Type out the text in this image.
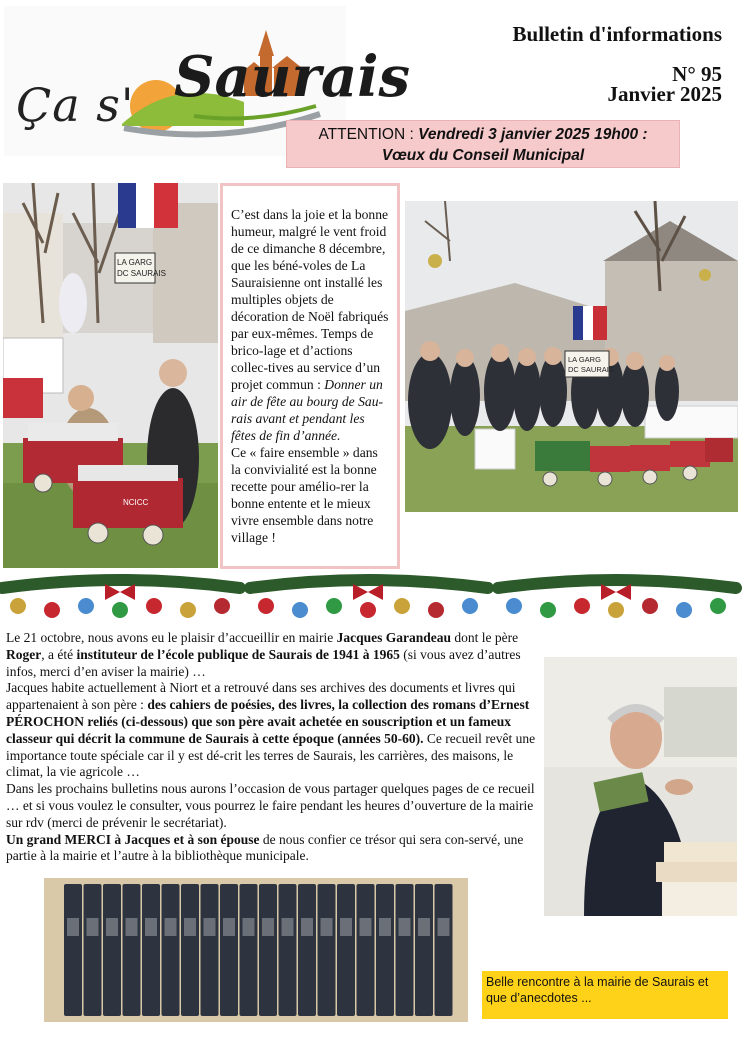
Ça s' Saurais
Bulletin d'informations
N° 95
Janvier 2025
ATTENTION : Vendredi 3 janvier 2025 19h00 :
Vœux du Conseil Municipal
LA GARG
DC SAURAIS
NCICC

C’est dans la joie et la bonne humeur, malgré le vent froid de ce dimanche 8 décembre, que les béné-voles de La Sauraisienne ont installé les multiples objets de décoration de Noël fabriqués par eux-mêmes. Temps de brico-lage et d’actions collec-tives au service d’un projet commun : Donner un air de fête au bourg de Sau-rais avant et pendant les fêtes de fin d’année.

Ce « faire ensemble » dans la convivialité est la bonne recette pour amélio-rer la bonne entente et le mieux vivre ensemble dans notre village !

LA GARG
DC SAURAIS

Le 21 octobre, nous avons eu le plaisir d’accueillir en mairie Jacques Garandeau dont le père Roger, a été instituteur de l’école publique de Saurais de 1941 à 1965 (si vous avez d’autres infos, merci d’en aviser la mairie) …

Jacques habite actuellement à Niort et a retrouvé dans ses archives des documents et livres qui appartenaient à son père : des cahiers de poésies, des livres, la collection des romans d’Ernest PÉROCHON reliés (ci-dessous) que son père avait achetée en souscription et un fameux classeur qui décrit la commune de Saurais à cette époque (années 50-60). Ce recueil revêt une importance toute spéciale car il y est dé-crit les terres de Saurais, les carrières, des maisons, le climat, la vie agricole …

Dans les prochains bulletins nous aurons l’occasion de vous partager quelques pages de ce recueil … et si vous voulez le consulter, vous pourrez le faire pendant les heures d’ouverture de la mairie sur rdv (merci de prévenir le secrétariat).

Un grand MERCI à Jacques et à son épouse de nous confier ce trésor qui sera con-servé, une partie à la mairie et l’autre à la bibliothèque municipale.

Belle rencontre à la mairie de Saurais et que d’anecdotes ...
